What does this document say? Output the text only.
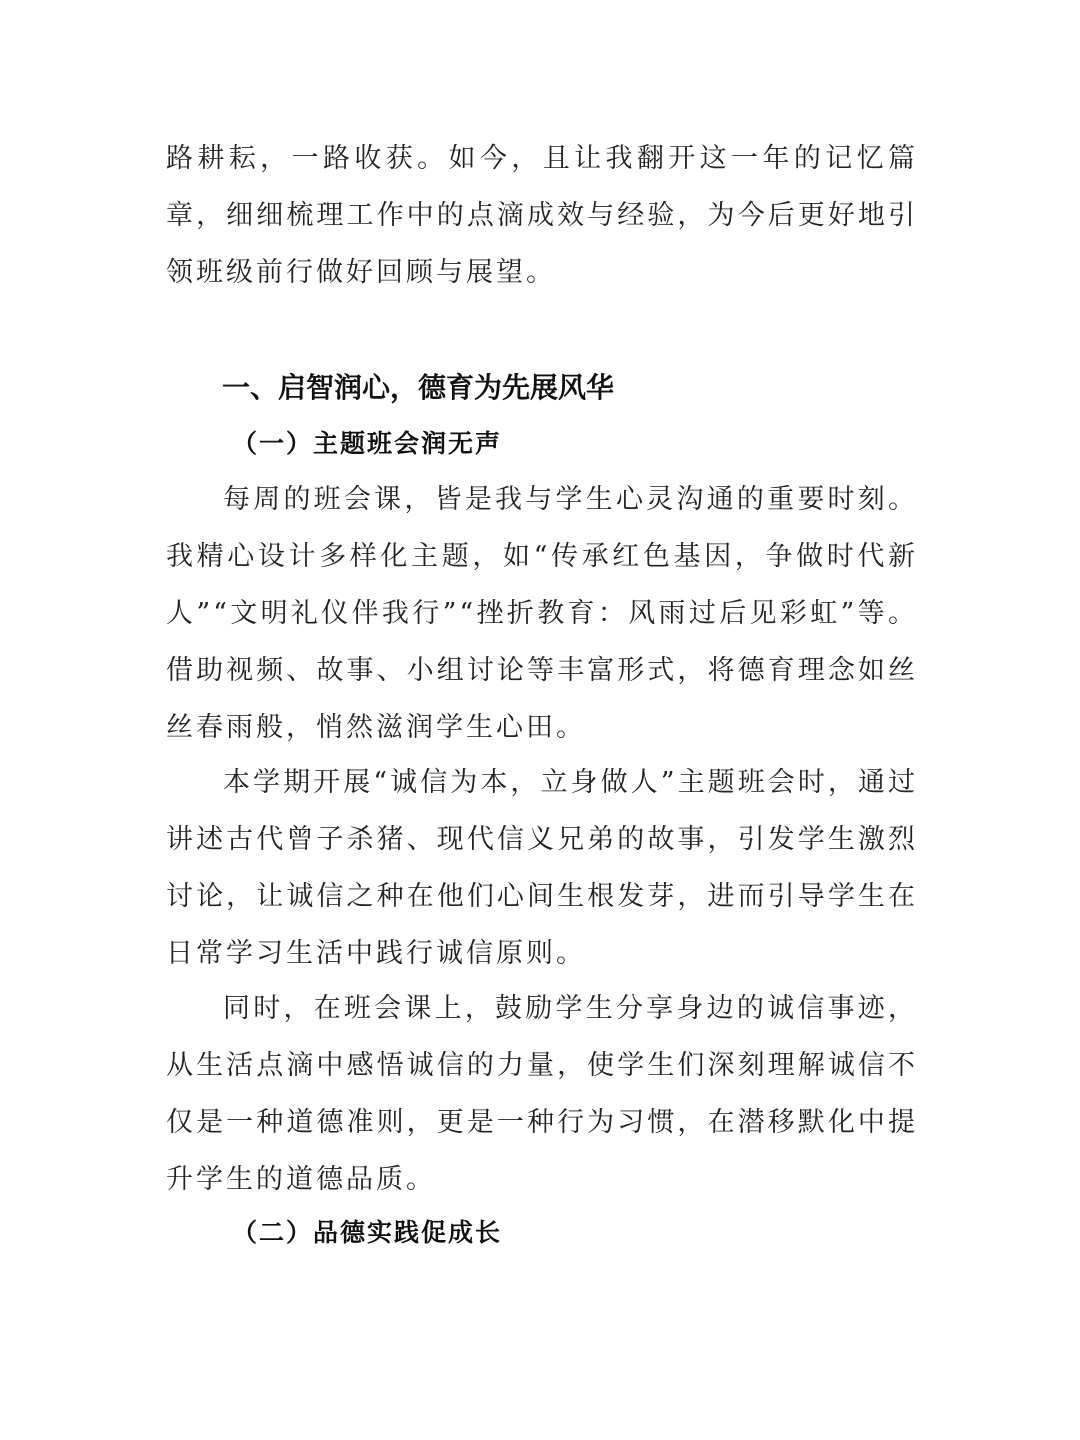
路耕耘，一路收获。如今，且让我翻开这一年的记忆篇章，细细梳理工作中的点滴成效与经验，为今后更好地引领班级前行做好回顾与展望。

一、启智润心，德育为先展风华
（一）主题班会润无声

每周的班会课，皆是我与学生心灵沟通的重要时刻。我精心设计多样化主题，如“传承红色基因，争做时代新人”“文明礼仪伴我行”“挫折教育：风雨过后见彩虹”等。借助视频、故事、小组讨论等丰富形式，将德育理念如丝丝春雨般，悄然滋润学生心田。

本学期开展“诚信为本，立身做人”主题班会时，通过讲述古代曾子杀猪、现代信义兄弟的故事，引发学生激烈讨论，让诚信之种在他们心间生根发芽，进而引导学生在日常学习生活中践行诚信原则。

同时，在班会课上，鼓励学生分享身边的诚信事迹，从生活点滴中感悟诚信的力量，使学生们深刻理解诚信不仅是一种道德准则，更是一种行为习惯，在潜移默化中提升学生的道德品质。

（二）品德实践促成长
